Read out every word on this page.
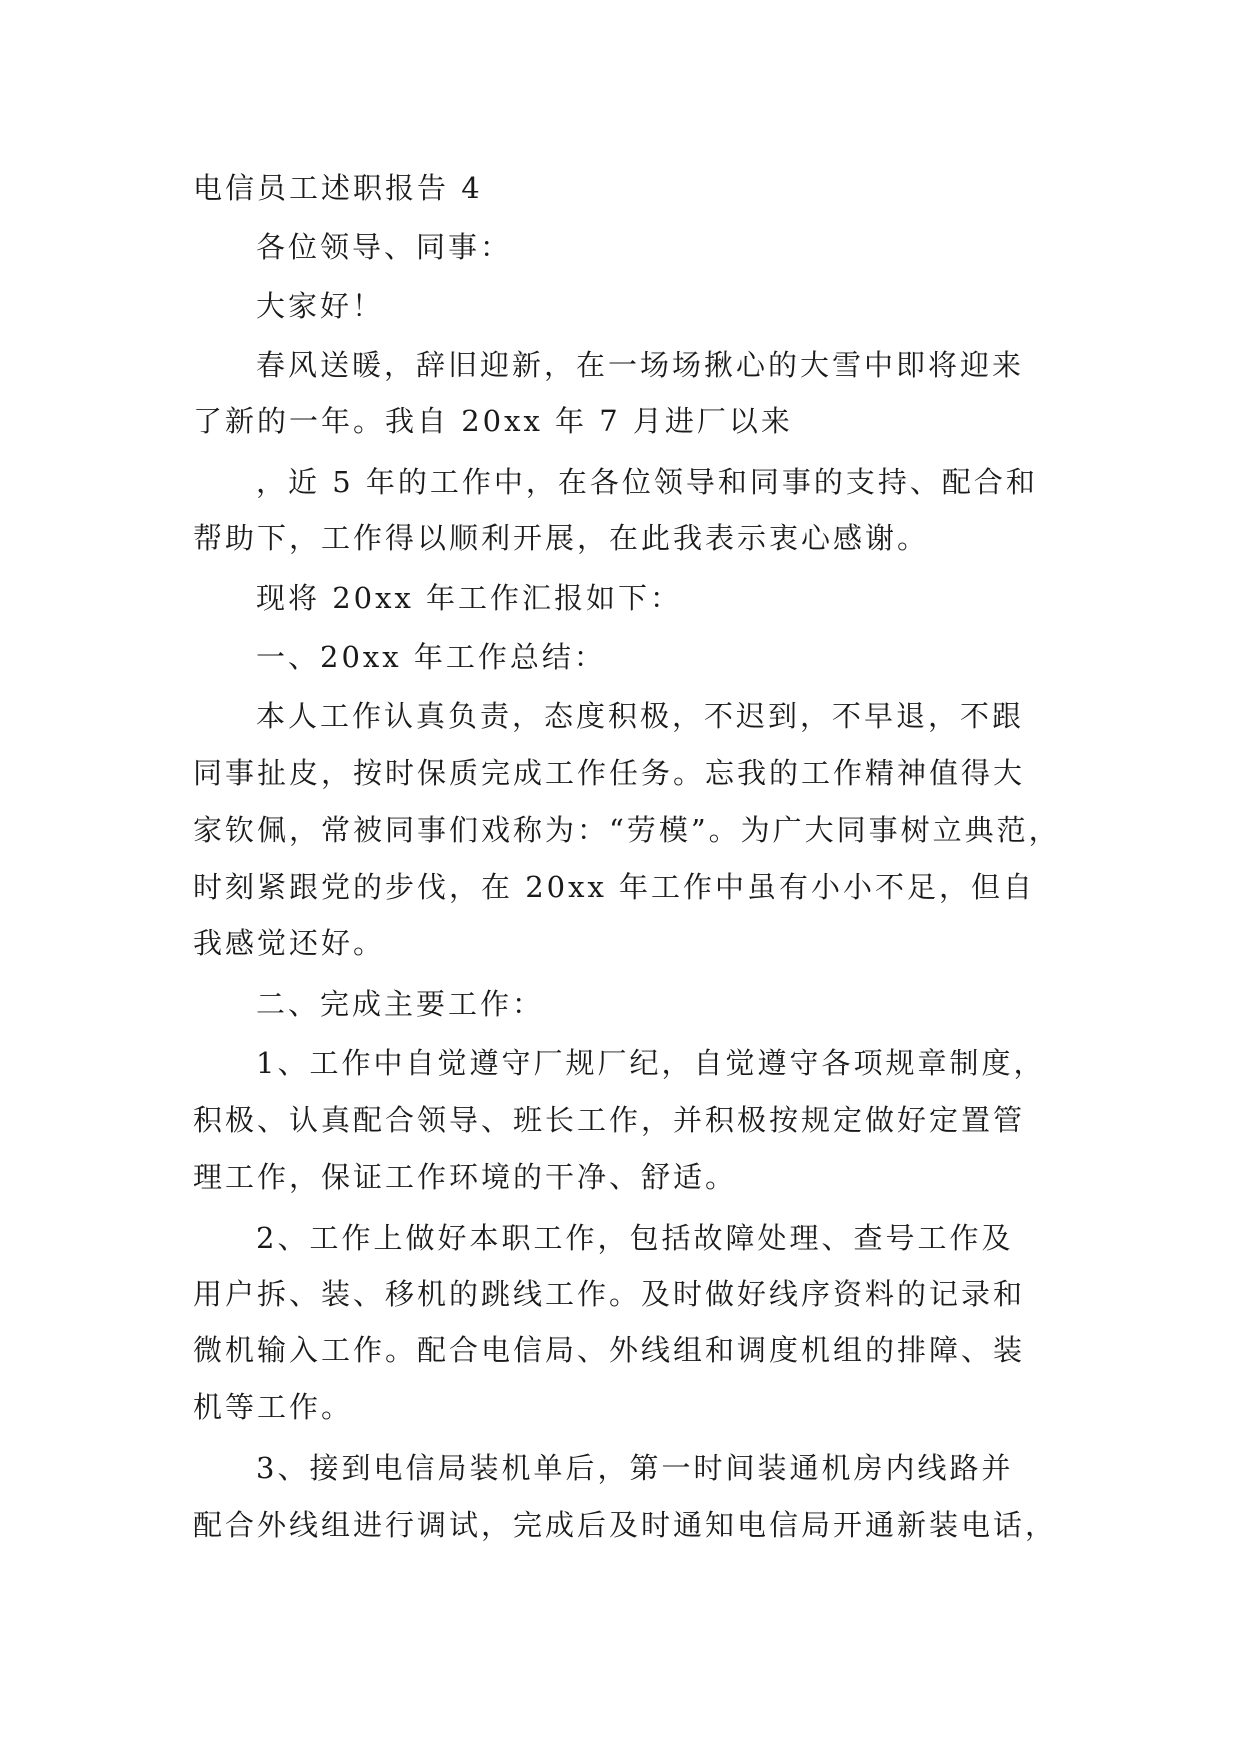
电信员工述职报告 4
各位领导、同事：
大家好！
春风送暖，辞旧迎新，在一场场揪心的大雪中即将迎来
了新的一年。我自 20xx 年 7 月进厂以来
，近 5 年的工作中，在各位领导和同事的支持、配合和
帮助下，工作得以顺利开展，在此我表示衷心感谢。
现将 20xx 年工作汇报如下：
一、20xx 年工作总结：
本人工作认真负责，态度积极，不迟到，不早退，不跟
同事扯皮，按时保质完成工作任务。忘我的工作精神值得大
家钦佩，常被同事们戏称为：“劳模”。为广大同事树立典范，
时刻紧跟党的步伐，在 20xx 年工作中虽有小小不足，但自
我感觉还好。
二、完成主要工作：
1、工作中自觉遵守厂规厂纪，自觉遵守各项规章制度，
积极、认真配合领导、班长工作，并积极按规定做好定置管
理工作，保证工作环境的干净、舒适。
2、工作上做好本职工作，包括故障处理、查号工作及
用户拆、装、移机的跳线工作。及时做好线序资料的记录和
微机输入工作。配合电信局、外线组和调度机组的排障、装
机等工作。
3、接到电信局装机单后，第一时间装通机房内线路并
配合外线组进行调试，完成后及时通知电信局开通新装电话，
